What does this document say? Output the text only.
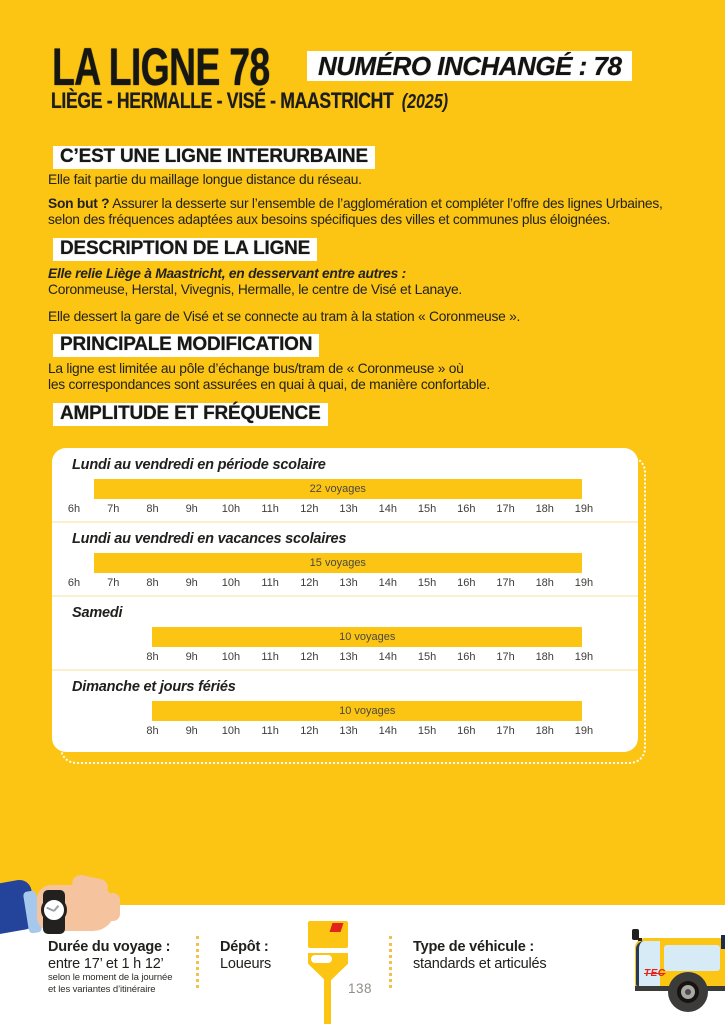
LA LIGNE 78	NUMÉRO INCHANGÉ : 78
LIÈGE - HERMALLE - VISÉ - MAASTRICHT (2025)
C’EST UNE LIGNE INTERURBAINE
Elle fait partie du maillage longue distance du réseau.
Son but ? Assurer la desserte sur l’ensemble de l’agglomération et compléter l’offre des lignes Urbaines, selon des fréquences adaptées aux besoins spécifiques des villes et communes plus éloignées.
DESCRIPTION DE LA LIGNE
Elle relie Liège à Maastricht, en desservant entre autres :
Coronmeuse, Herstal, Vivegnis, Hermalle, le centre de Visé et Lanaye.
Elle dessert la gare de Visé et se connecte au tram à la station « Coronmeuse ».
PRINCIPALE MODIFICATION
La ligne est limitée au pôle d’échange bus/tram de « Coronmeuse » où
les correspondances sont assurées en quai à quai, de manière confortable.
AMPLITUDE ET FRÉQUENCE
Lundi au vendredi en période scolaire
22 voyages
6h	7h	8h	9h	10h	11h	12h	13h	14h	15h	16h	17h	18h	19h
Lundi au vendredi en vacances scolaires
15 voyages
6h	7h	8h	9h	10h	11h	12h	13h	14h	15h	16h	17h	18h	19h
Samedi
10 voyages
8h	9h	10h	11h	12h	13h	14h	15h	16h	17h	18h	19h
Dimanche et jours fériés
10 voyages
8h	9h	10h	11h	12h	13h	14h	15h	16h	17h	18h	19h
Durée du voyage :
entre 17’ et 1 h 12’
selon le moment de la journée
et les variantes d’itinéraire
Dépôt :
Loueurs
138
Type de véhicule :
standards et articulés
TEC
